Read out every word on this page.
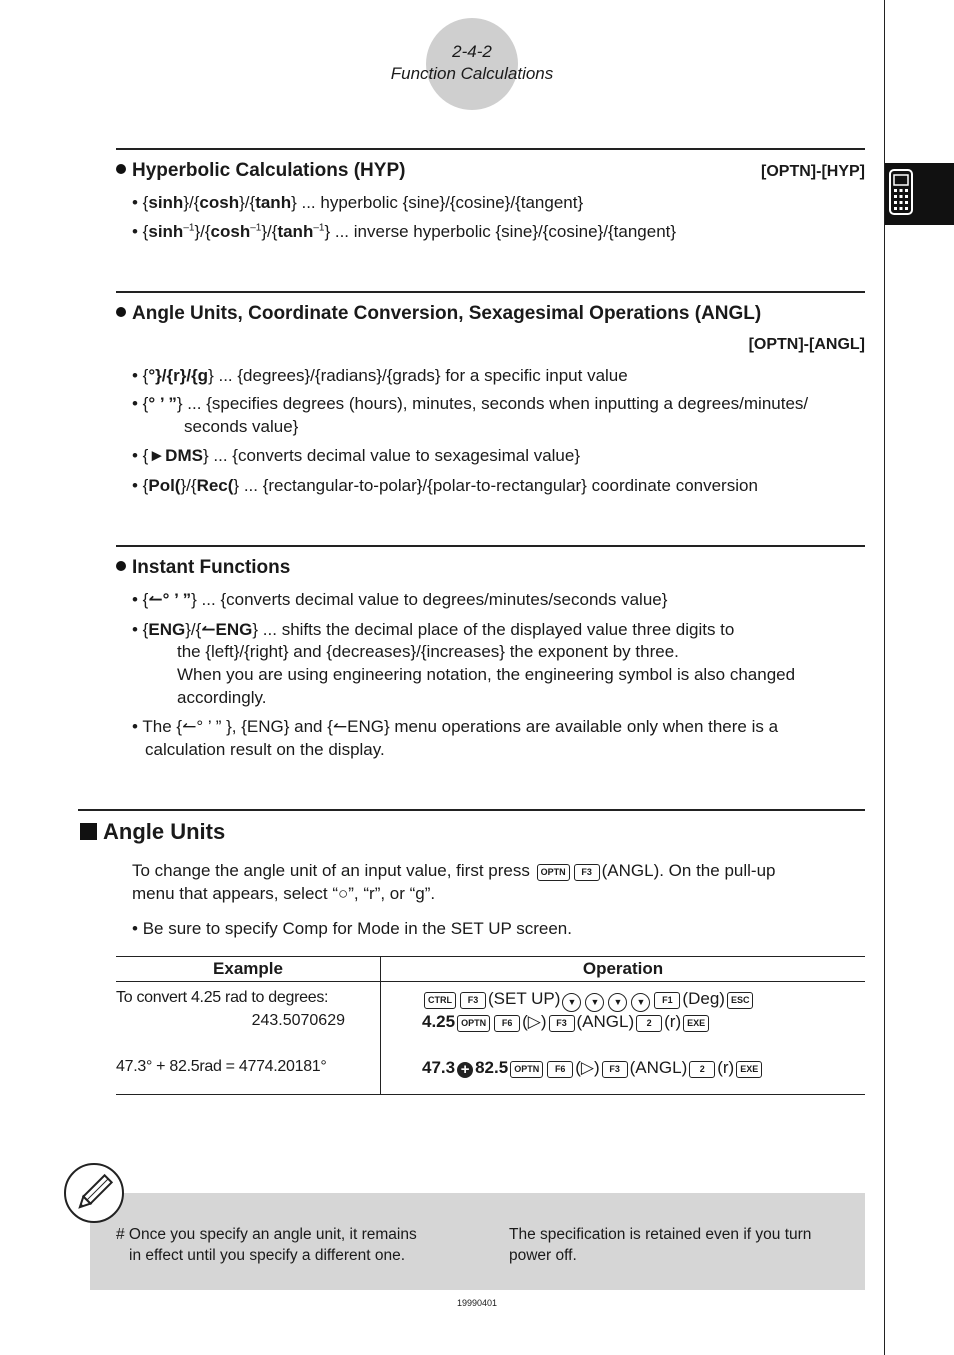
2-4-2
Function Calculations
Hyperbolic Calculations (HYP)	[OPTN]-[HYP]
• {sinh}/{cosh}/{tanh} ... hyperbolic {sine}/{cosine}/{tangent}
• $\{\sinh^{-1}\}/\{\cosh^{-1}\}/\{\tanh^{-1}\}$ ... inverse hyperbolic {sine}/{cosine}/{tangent}
Angle Units, Coordinate Conversion, Sexagesimal Operations (ANGL)
[OPTN]-[ANGL]
• {°}/{r}/{g} ... {degrees}/{radians}/{grads} for a specific input value
• {° ’ ”} ... {specifies degrees (hours), minutes, seconds when inputting a degrees/minutes/
seconds value}
• {►DMS} ... {converts decimal value to sexagesimal value}
• {Pol(}/{Rec(} ... {rectangular-to-polar}/{polar-to-rectangular} coordinate conversion
Instant Functions
• {↼° ’ ”} ... {converts decimal value to degrees/minutes/seconds value}
• {ENG}/{↼ENG} ... shifts the decimal place of the displayed value three digits to
the {left}/{right} and {decreases}/{increases} the exponent by three.
When you are using engineering notation, the engineering symbol is also changed
accordingly.
• The {↼° ’ ” }, {ENG} and {↼ENG} menu operations are available only when there is a
calculation result on the display.
Angle Units
To change the angle unit of an input value, first press OPTN F3 (ANGL). On the pull-up
menu that appears, select “○”, “r”, or “g”.
• Be sure to specify Comp for Mode in the SET UP screen.
Example	Operation
To convert 4.25 rad to degrees:
243.5070629
47.3° + 82.5rad = 4774.20181°
CTRL F3 (SET UP) ▼ ▼ ▼ ▼ F1 (Deg) ESC
4.25 OPTN F6 (▷) F3 (ANGL) 2 (r) EXE
47.3 + 82.5 OPTN F6 (▷) F3 (ANGL) 2 (r) EXE
# Once you specify an angle unit, it remains
in effect until you specify a different one.
The specification is retained even if you turn
power off.
19990401
